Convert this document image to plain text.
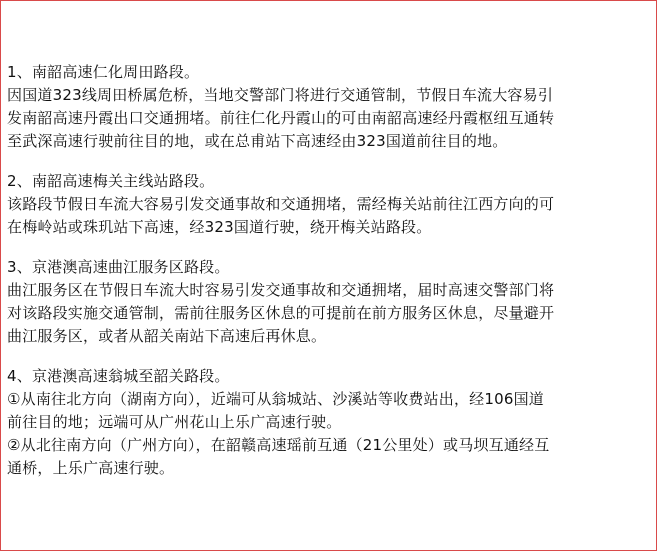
1、南韶高速仁化周田路段。
因国道323线周田桥属危桥，当地交警部门将进行交通管制，节假日车流大容易引
发南韶高速丹霞出口交通拥堵。前往仁化丹霞山的可由南韶高速经丹霞枢纽互通转
至武深高速行驶前往目的地，或在总甫站下高速经由323国道前往目的地。
2、南韶高速梅关主线站路段。
该路段节假日车流大容易引发交通事故和交通拥堵，需经梅关站前往江西方向的可
在梅岭站或珠玑站下高速，经323国道行驶，绕开梅关站路段。
3、京港澳高速曲江服务区路段。
曲江服务区在节假日车流大时容易引发交通事故和交通拥堵，届时高速交警部门将
对该路段实施交通管制，需前往服务区休息的可提前在前方服务区休息，尽量避开
曲江服务区，或者从韶关南站下高速后再休息。
4、京港澳高速翁城至韶关路段。
①从南往北方向（湖南方向），近端可从翁城站、沙溪站等收费站出，经106国道
前往目的地；远端可从广州花山上乐广高速行驶。
②从北往南方向（广州方向），在韶赣高速瑶前互通（21公里处）或马坝互通经互
通桥，上乐广高速行驶。
